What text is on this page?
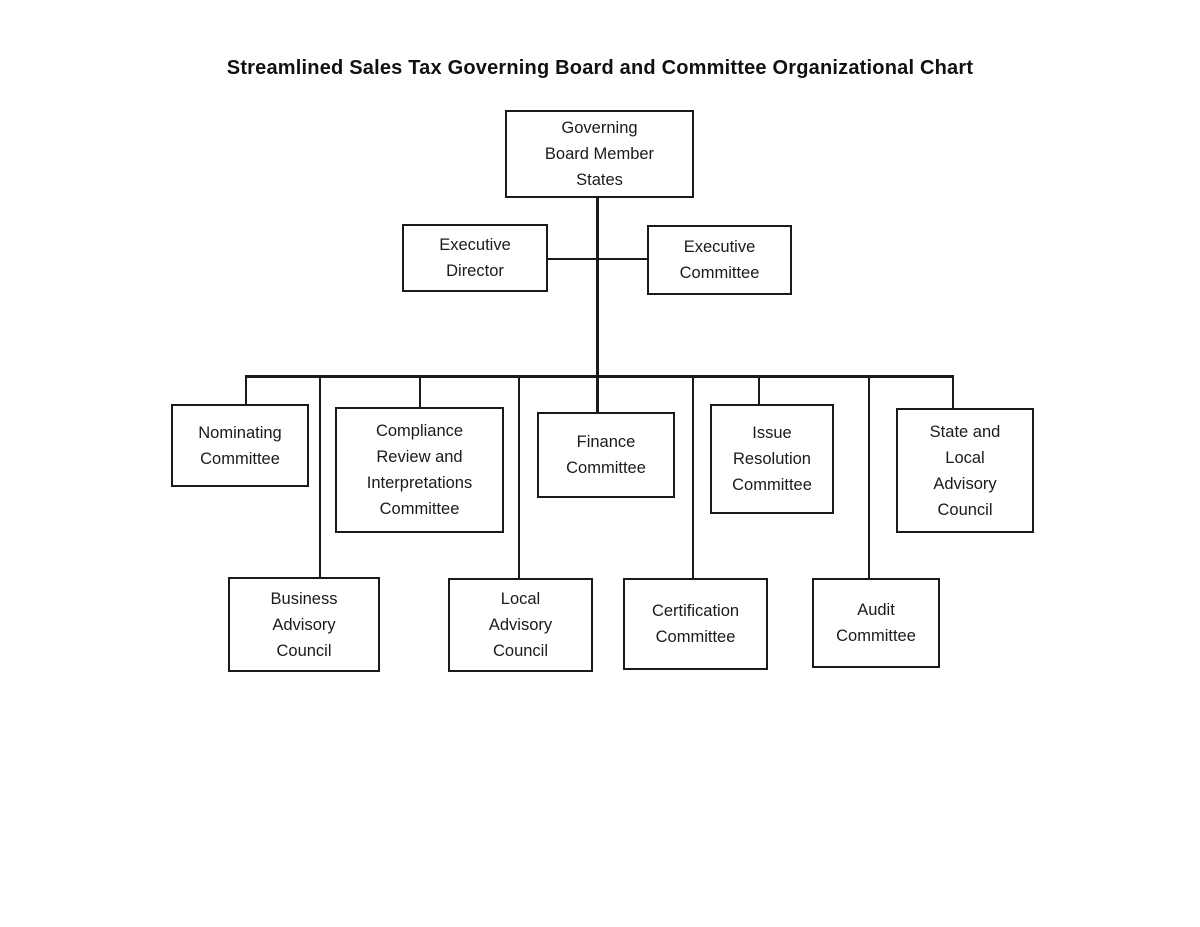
Streamlined Sales Tax Governing Board and Committee Organizational Chart
Governing
Board Member
States
Executive
Director
Executive
Committee
Nominating
Committee
Compliance
Review and
Interpretations
Committee
Finance
Committee
Issue
Resolution
Committee
State and
Local
Advisory
Council
Business
Advisory
Council
Local
Advisory
Council
Certification
Committee
Audit
Committee
